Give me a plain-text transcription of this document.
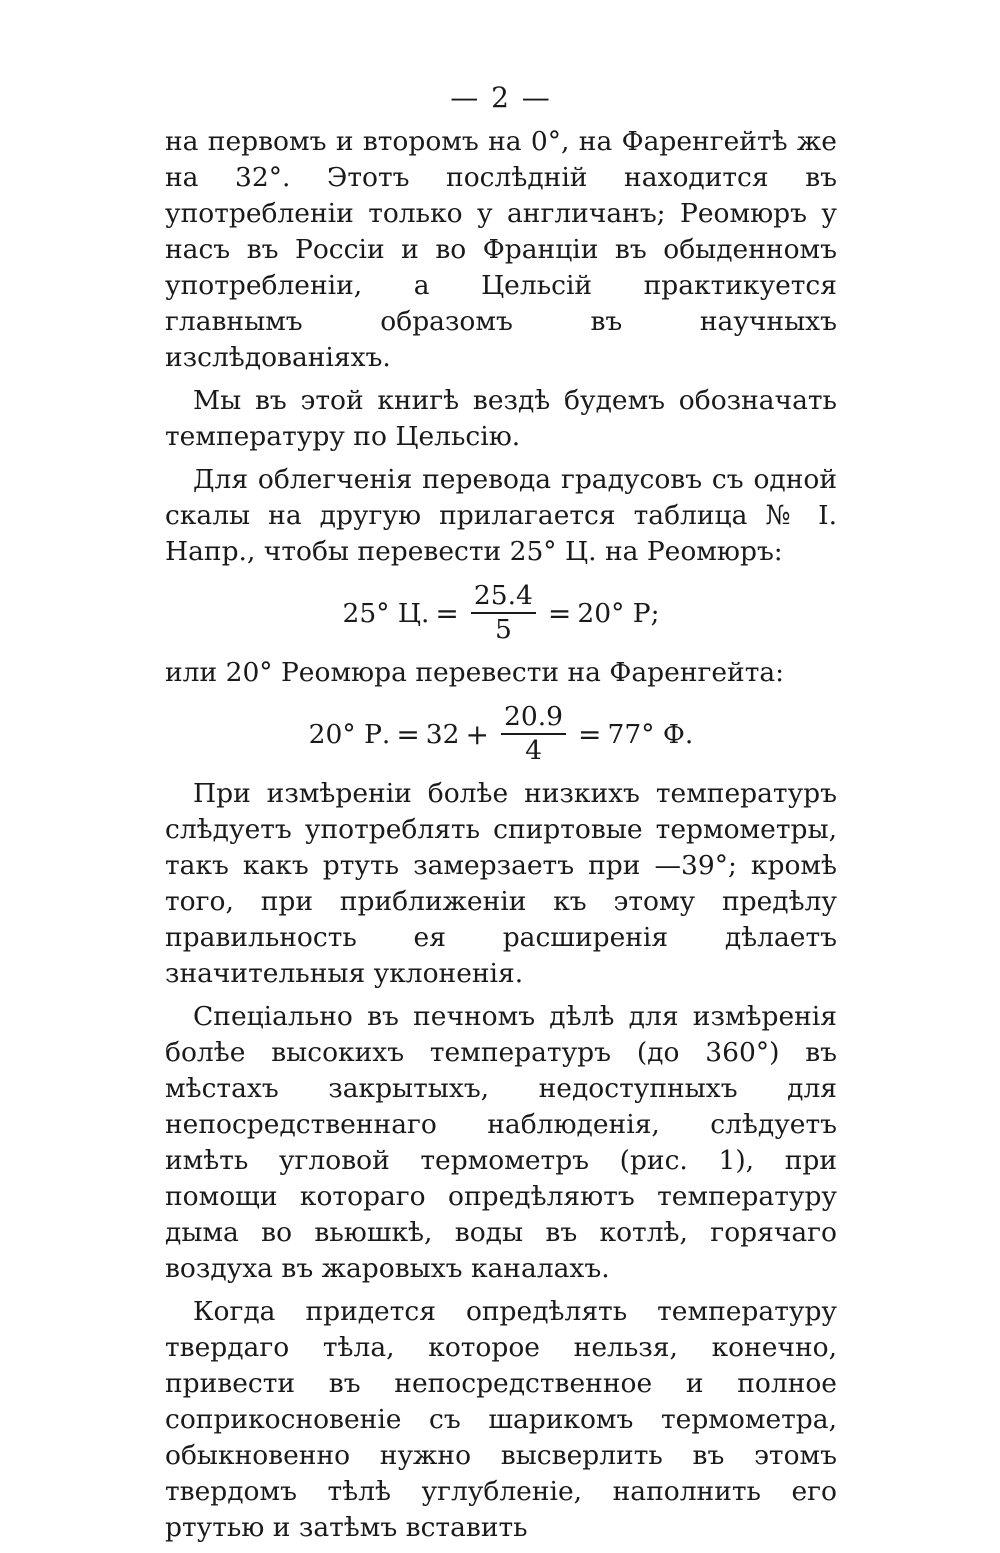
— 2 —

на первомъ и второмъ на 0°, на Фаренгейтѣ же на 32°. Этотъ послѣднiй находится въ употребленiи только у англичанъ; Реомюръ у насъ въ Россiи и во Францiи въ обыденномъ употребленiи, а Цельсiй практикуется главнымъ образомъ въ научныхъ изслѣдованiяхъ.

Мы въ этой книгѣ вездѣ будемъ обозначать температуру по Цельсiю.

Для облегченiя перевода градусовъ съ одной скалы на другую прилагается таблица № I. Напр., чтобы перевести 25° Ц. на Реомюръ:

25° Ц. = $\frac{25.4}{5} = 20^\circ$ Р;

или 20° Реомюра перевести на Фаренгейта:

20° Р. = $32 + \frac{20.9}{4} = 77^\circ$ Ф.

При измѣренiи болѣе низкихъ температуръ слѣдуетъ употреблять спиртовые термометры, такъ какъ ртуть замерзаетъ при —39°; кромѣ того, при приближенiи къ этому предѣлу правильность ея расширенiя дѣлаетъ значительныя уклоненiя.

Спецiально въ печномъ дѣлѣ для измѣренiя болѣе высокихъ температуръ (до 360°) въ мѣстахъ закрытыхъ, недоступныхъ для непосредственнаго наблюденiя, слѣдуетъ имѣть угловой термометръ (рис. 1), при помощи котораго опредѣляютъ температуру дыма во вьюшкѣ, воды въ котлѣ, горячаго воздуха въ жаровыхъ каналахъ.

Когда придется опредѣлять температуру твердаго тѣла, которое нельзя, конечно, привести въ непосредственное и полное соприкосновенiе съ шарикомъ термометра, обыкновенно нужно высверлить въ этомъ твердомъ тѣлѣ углубленiе, наполнить его ртутью и затѣмъ вставить
